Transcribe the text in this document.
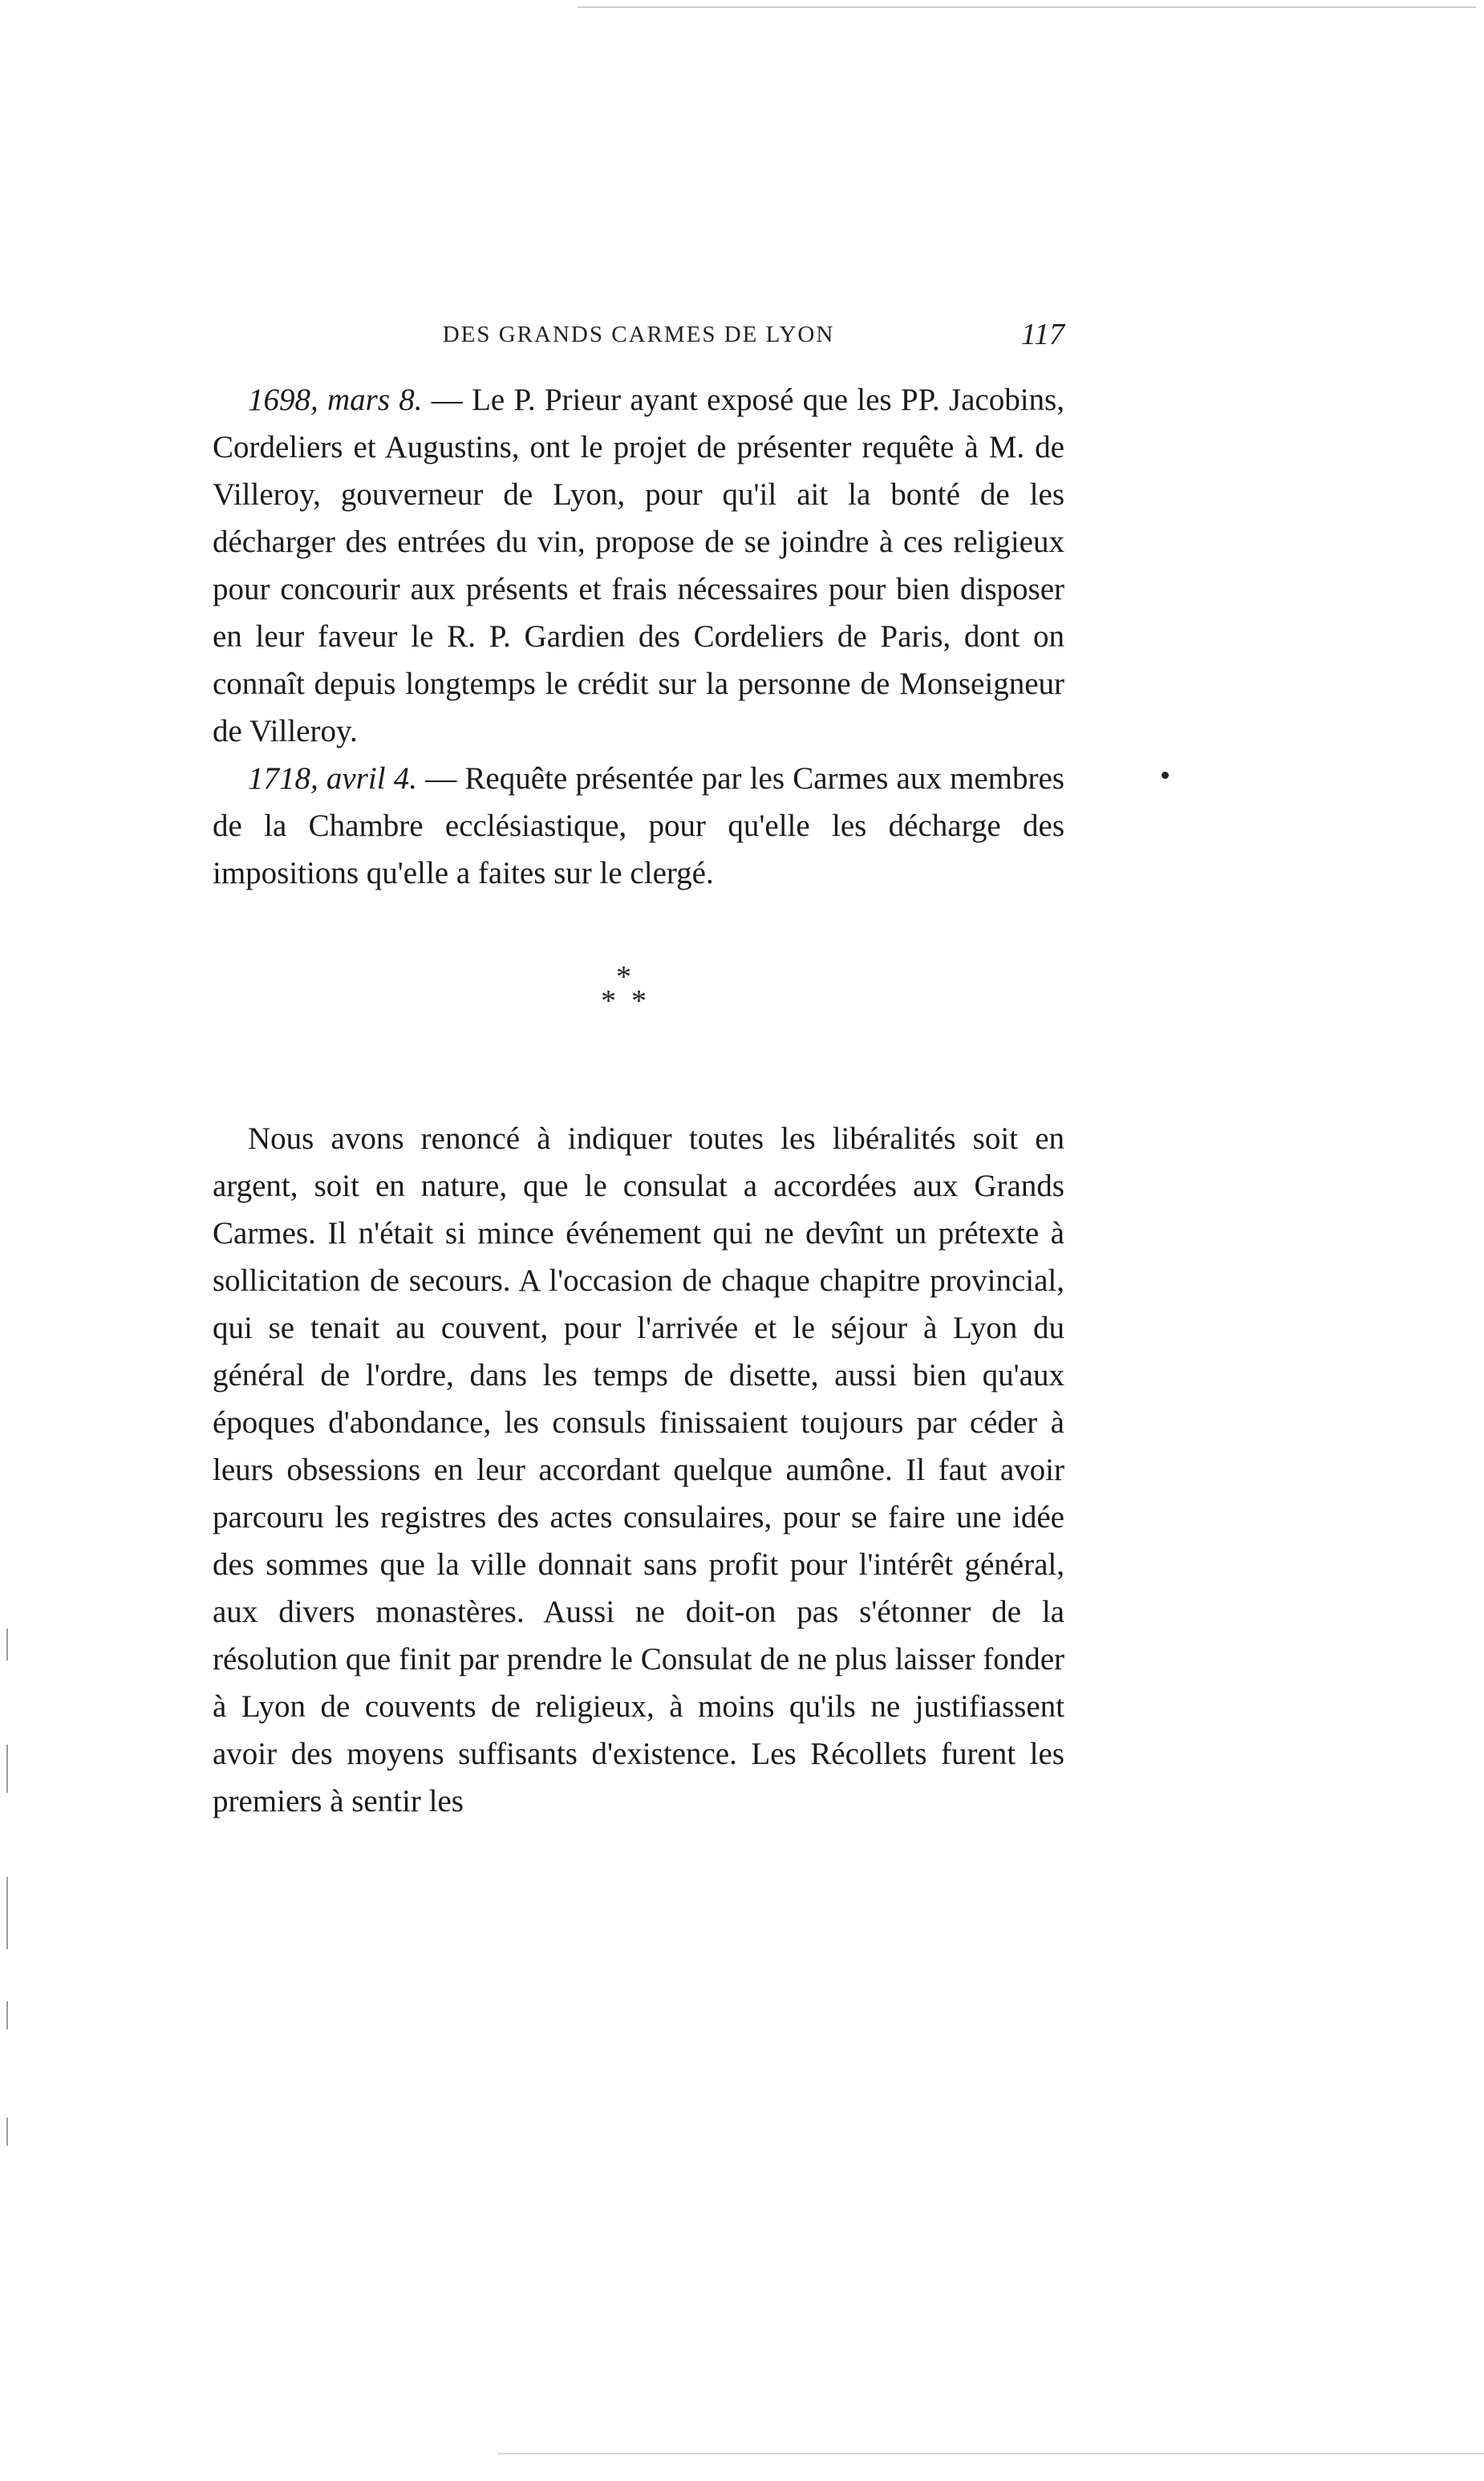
DES GRANDS CARMES DE LYON	117

1698, mars 8. — Le P. Prieur ayant exposé que les PP. Jacobins, Cordeliers et Augustins, ont le projet de présenter requête à M. de Villeroy, gouverneur de Lyon, pour qu'il ait la bonté de les décharger des entrées du vin, propose de se joindre à ces religieux pour concourir aux présents et frais nécessaires pour bien disposer en leur faveur le R. P. Gardien des Cordeliers de Paris, dont on connaît depuis longtemps le crédit sur la personne de Monseigneur de Villeroy.

1718, avril 4. — Requête présentée par les Carmes aux membres de la Chambre ecclésiastique, pour qu'elle les décharge des impositions qu'elle a faites sur le clergé.

*
* *

Nous avons renoncé à indiquer toutes les libéralités soit en argent, soit en nature, que le consulat a accordées aux Grands Carmes. Il n'était si mince événement qui ne devînt un prétexte à sollicitation de secours. A l'occasion de chaque chapitre provincial, qui se tenait au couvent, pour l'arrivée et le séjour à Lyon du général de l'ordre, dans les temps de disette, aussi bien qu'aux époques d'abondance, les consuls finissaient toujours par céder à leurs obsessions en leur accordant quelque aumône. Il faut avoir parcouru les registres des actes consulaires, pour se faire une idée des sommes que la ville donnait sans profit pour l'intérêt général, aux divers monastères. Aussi ne doit-on pas s'étonner de la résolution que finit par prendre le Consulat de ne plus laisser fonder à Lyon de couvents de religieux, à moins qu'ils ne justifiassent avoir des moyens suffisants d'existence. Les Récollets furent les premiers à sentir les
